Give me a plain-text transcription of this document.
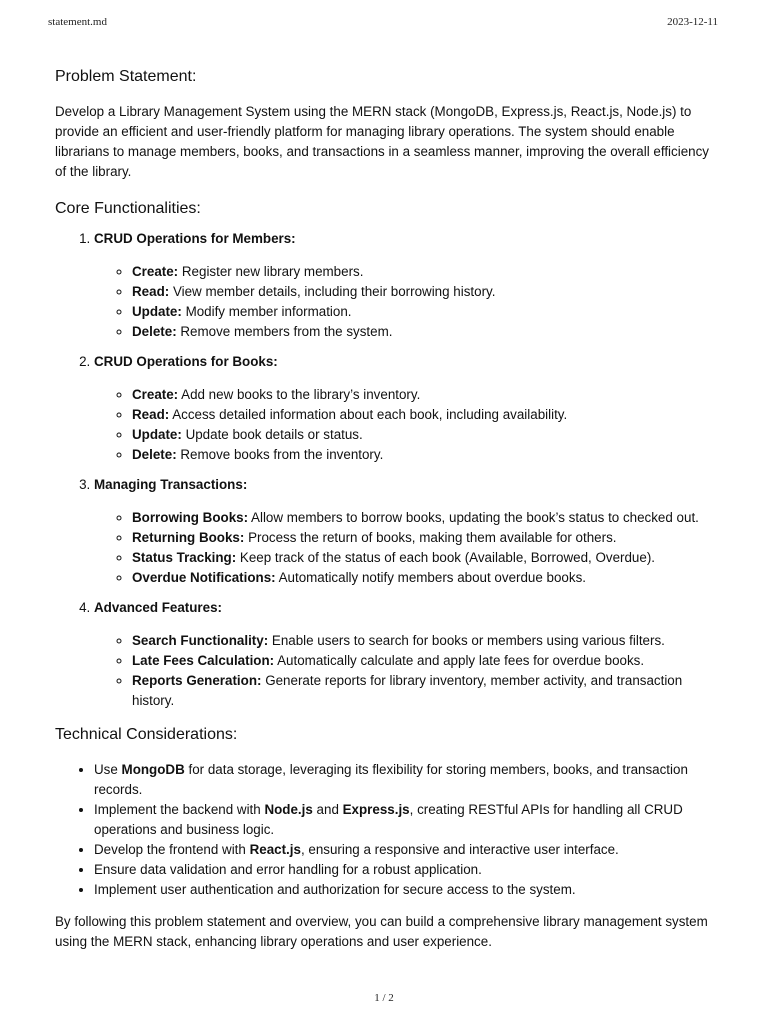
statement.md	2023-12-11
Problem Statement:

Develop a Library Management System using the MERN stack (MongoDB, Express.js, React.js, Node.js) to provide an efficient and user-friendly platform for managing library operations. The system should enable librarians to manage members, books, and transactions in a seamless manner, improving the overall efficiency of the library.

Core Functionalities:
1. CRUD Operations for Members:
◦ Create: Register new library members.
◦ Read: View member details, including their borrowing history.
◦ Update: Modify member information.
◦ Delete: Remove members from the system.
2. CRUD Operations for Books:
◦ Create: Add new books to the library’s inventory.
◦ Read: Access detailed information about each book, including availability.
◦ Update: Update book details or status.
◦ Delete: Remove books from the inventory.
3. Managing Transactions:
◦ Borrowing Books: Allow members to borrow books, updating the book’s status to checked out.
◦ Returning Books: Process the return of books, making them available for others.
◦ Status Tracking: Keep track of the status of each book (Available, Borrowed, Overdue).
◦ Overdue Notifications: Automatically notify members about overdue books.
4. Advanced Features:
◦ Search Functionality: Enable users to search for books or members using various filters.
◦ Late Fees Calculation: Automatically calculate and apply late fees for overdue books.
◦ Reports Generation: Generate reports for library inventory, member activity, and transaction history.
Technical Considerations:
• Use MongoDB for data storage, leveraging its flexibility for storing members, books, and transaction records.
• Implement the backend with Node.js and Express.js, creating RESTful APIs for handling all CRUD operations and business logic.
• Develop the frontend with React.js, ensuring a responsive and interactive user interface.
• Ensure data validation and error handling for a robust application.
• Implement user authentication and authorization for secure access to the system.

By following this problem statement and overview, you can build a comprehensive library management system using the MERN stack, enhancing library operations and user experience.

1 / 2
